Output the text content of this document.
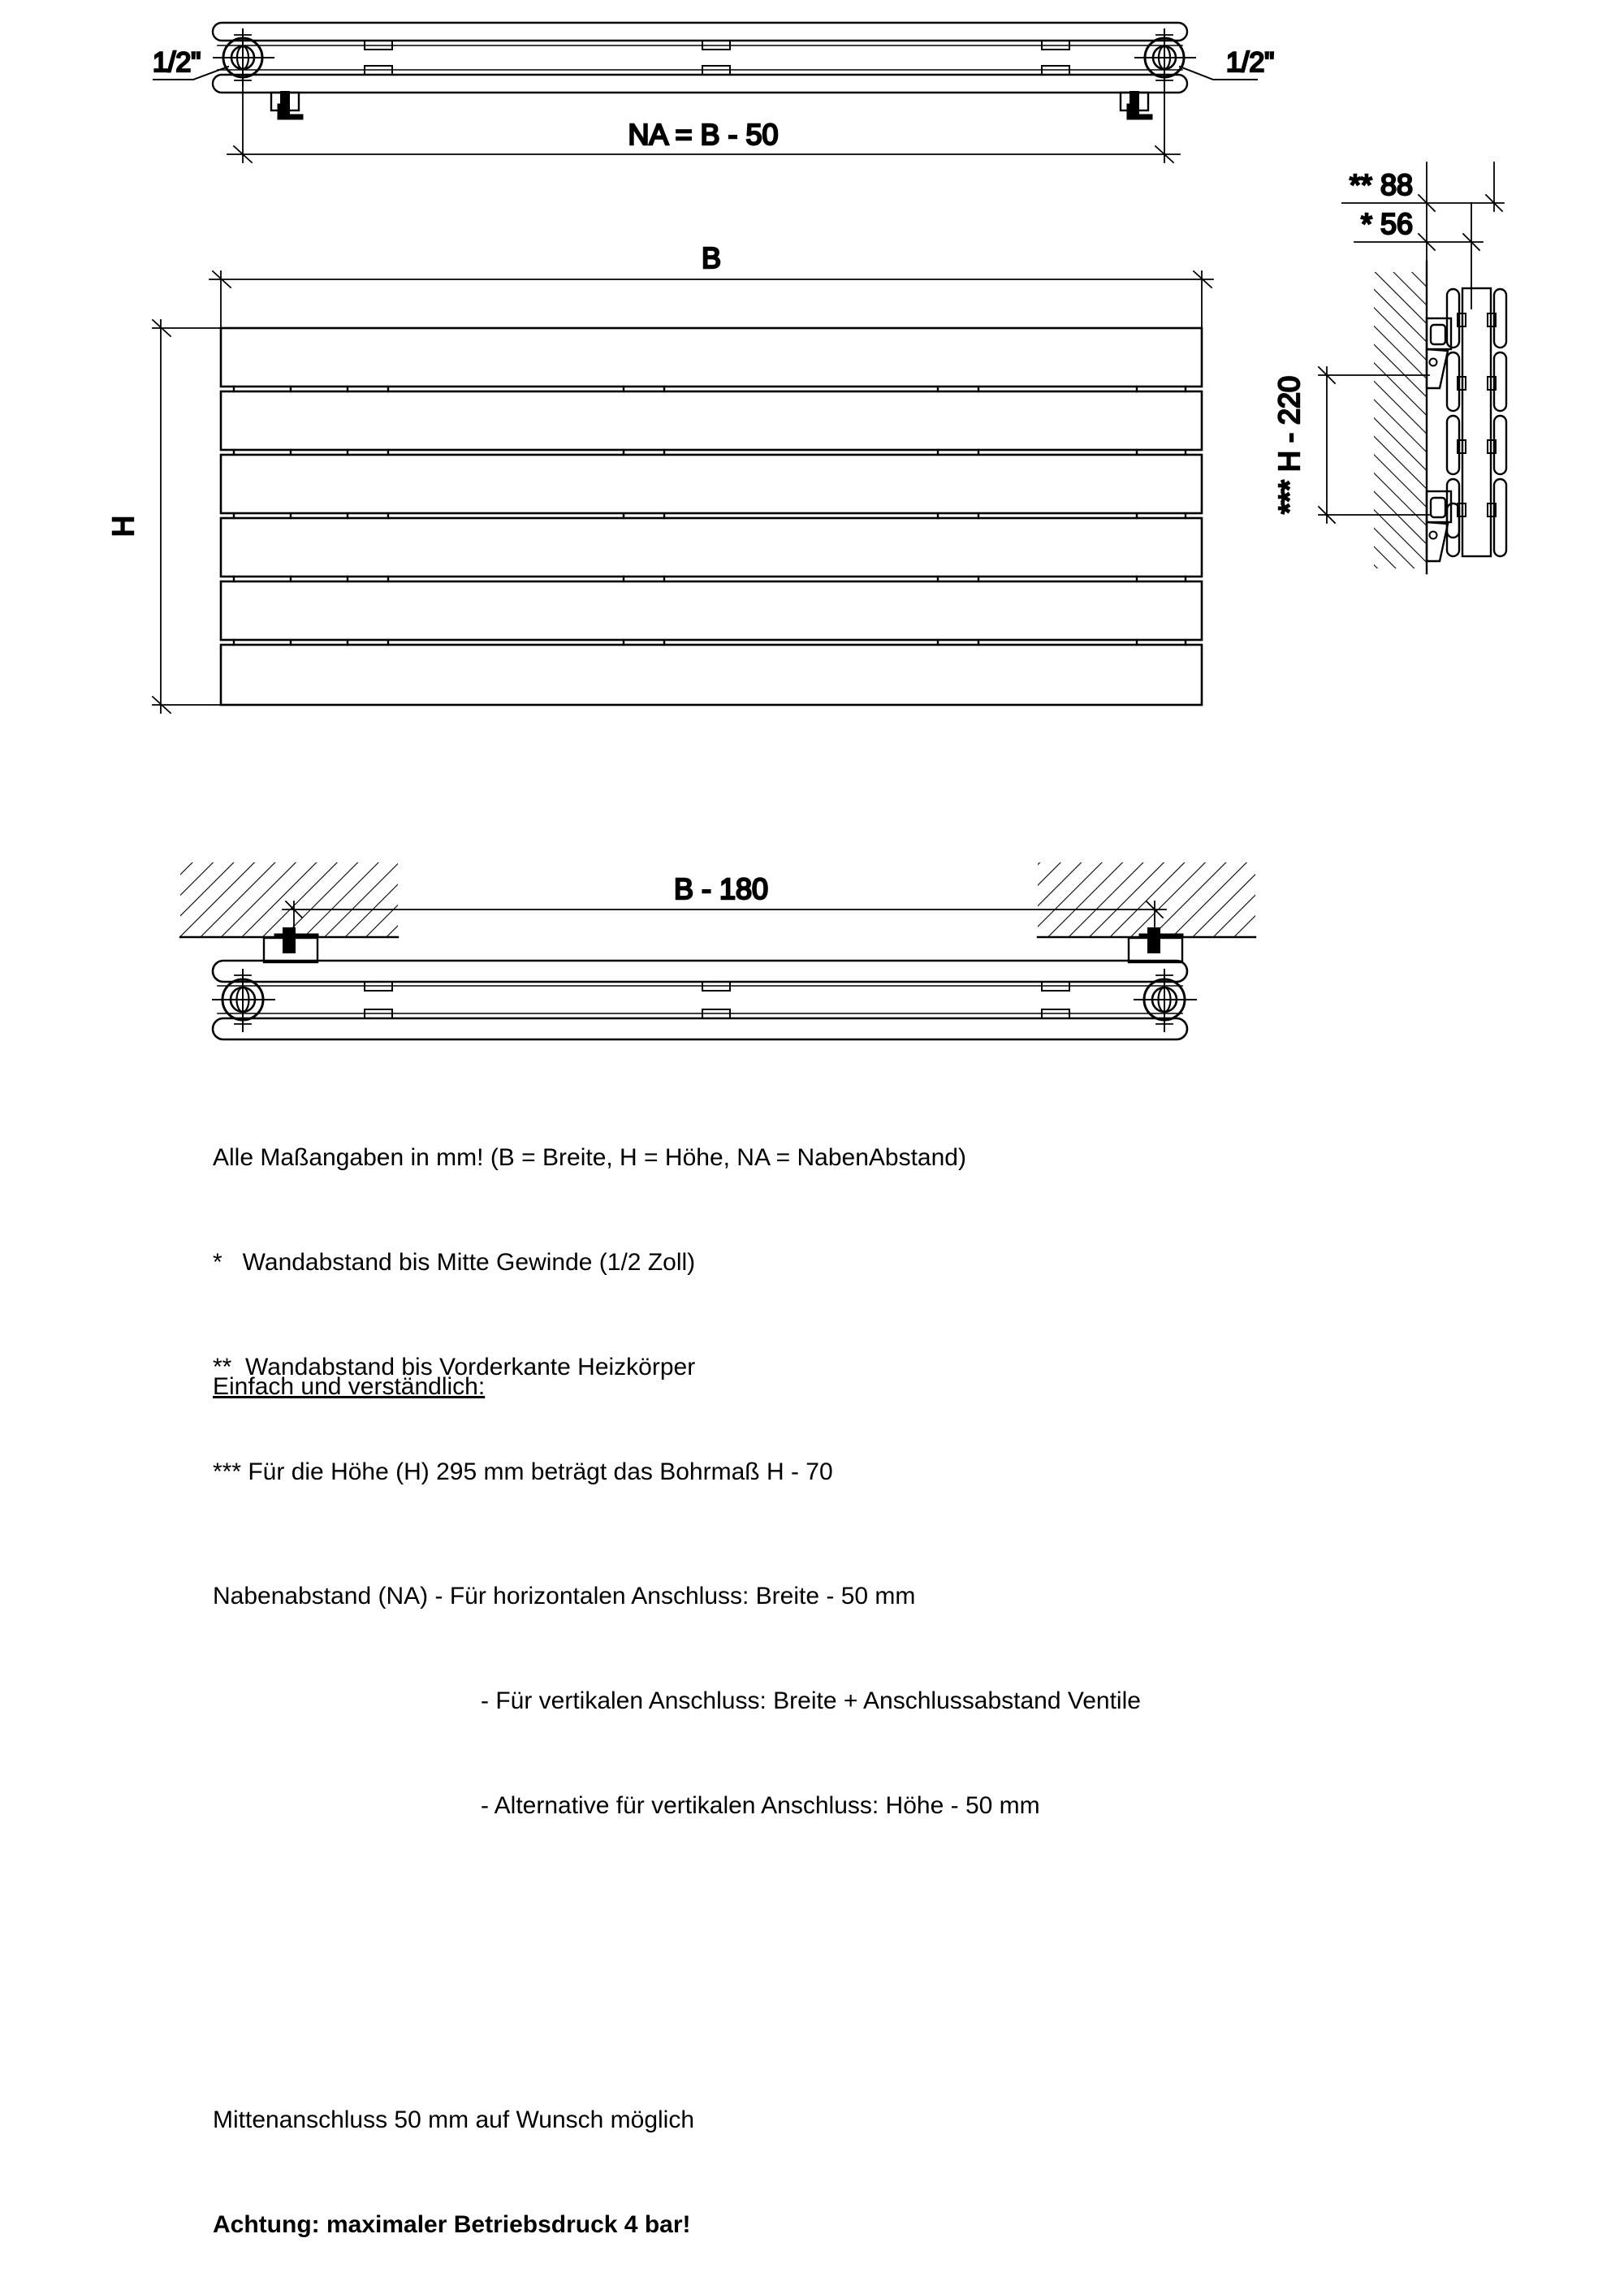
1/2"	1/2"
NA = B - 50
B
H
** 88
* 56
*** H - 220
B - 180

Alle Maßangaben in mm! (B = Breite, H = Höhe, NA = NabenAbstand)

*   Wandabstand bis Mitte Gewinde (1/2 Zoll)

**  Wandabstand bis Vorderkante Heizkörper

*** Für die Höhe (H) 295 mm beträgt das Bohrmaß H - 70

Einfach und verständlich:

Nabenabstand (NA) - Für horizontalen Anschluss: Breite - 50 mm

- Für vertikalen Anschluss: Breite + Anschlussabstand Ventile

- Alternative für vertikalen Anschluss: Höhe - 50 mm

Mittenanschluss 50 mm auf Wunsch möglich

Achtung: maximaler Betriebsdruck 4 bar!
